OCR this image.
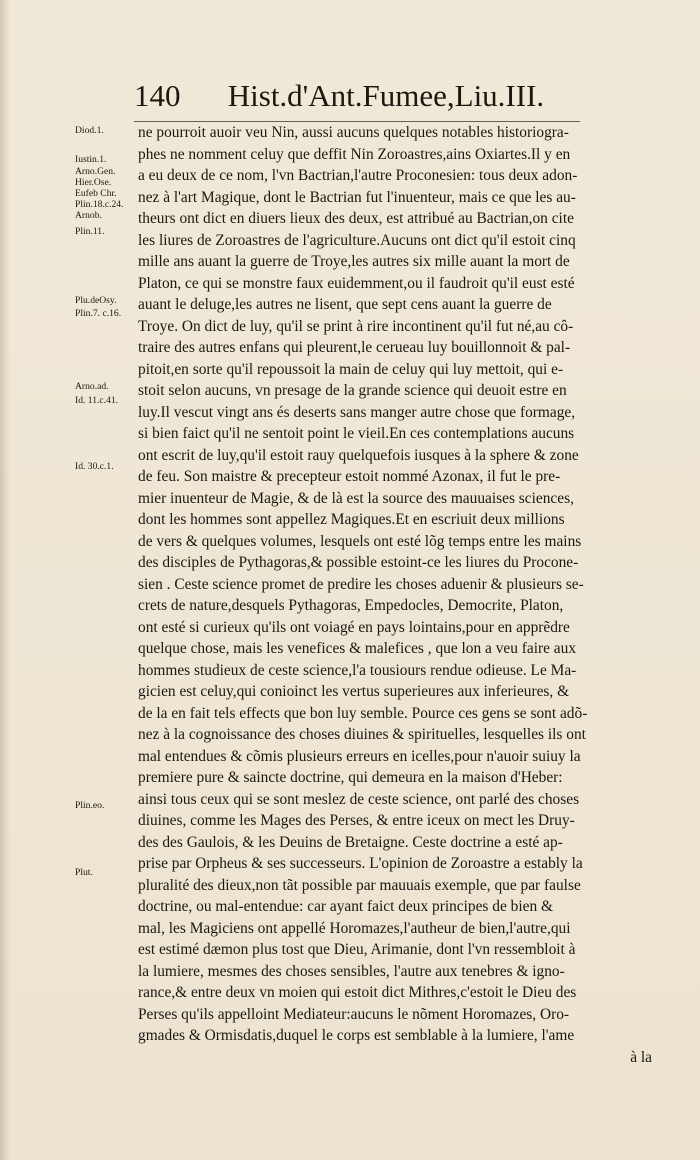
140 Hist.d'Ant.Fumee,Liu.III.
Diod.1.
Iustin.1.
Arno.Gen.
Hier.Ose.
Eufeb Chr.
Plin.18.c.24.
Arnob.
Plin.11.
Plu.deOsy.
Plin.7. c.16.
Arno.ad.
Id. 11.c.41.
Id. 30.c.1.
Plin.eo.
Plut.
ne pourroit auoir veu Nin, aussi aucuns quelques notables historiogra-
phes ne nomment celuy que deffit Nin Zoroastres,ains Oxiartes.Il y en
a eu deux de ce nom, l'vn Bactrian,l'autre Proconesien: tous deux adon-
nez à l'art Magique, dont le Bactrian fut l'inuenteur, mais ce que les au-
theurs ont dict en diuers lieux des deux, est attribué au Bactrian,on cite
les liures de Zoroastres de l'agriculture.Aucuns ont dict qu'il estoit cinq
mille ans auant la guerre de Troye,les autres six mille auant la mort de
Platon, ce qui se monstre faux euidemment,ou il faudroit qu'il eust esté
auant le deluge,les autres ne lisent, que sept cens auant la guerre de
Troye. On dict de luy, qu'il se print à rire incontinent qu'il fut né,au cô-
traire des autres enfans qui pleurent,le cerueau luy bouillonnoit & pal-
pitoit,en sorte qu'il repoussoit la main de celuy qui luy mettoit, qui e-
stoit selon aucuns, vn presage de la grande science qui deuoit estre en
luy.Il vescut vingt ans és deserts sans manger autre chose que formage,
si bien faict qu'il ne sentoit point le vieil.En ces contemplations aucuns
ont escrit de luy,qu'il estoit rauy quelquefois iusques à la sphere & zone
de feu. Son maistre & precepteur estoit nommé Azonax, il fut le pre-
mier inuenteur de Magie, & de là est la source des mauuaises sciences,
dont les hommes sont appellez Magiques.Et en escriuit deux millions
de vers & quelques volumes, lesquels ont esté lõg temps entre les mains
des disciples de Pythagoras,& possible estoint-ce les liures du Procone-
sien . Ceste science promet de predire les choses aduenir & plusieurs se-
crets de nature,desquels Pythagoras, Empedocles, Democrite, Platon,
ont esté si curieux qu'ils ont voiagé en pays lointains,pour en apprẽdre
quelque chose, mais les venefices & malefices , que lon a veu faire aux
hommes studieux de ceste science,l'a tousiours rendue odieuse. Le Ma-
gicien est celuy,qui conioinct les vertus superieures aux inferieures, &
de la en fait tels effects que bon luy semble. Pource ces gens se sont adõ-
nez à la cognoissance des choses diuines & spirituelles, lesquelles ils ont
mal entendues & cõmis plusieurs erreurs en icelles,pour n'auoir suiuy la
premiere pure & saincte doctrine, qui demeura en la maison d'Heber:
ainsi tous ceux qui se sont meslez de ceste science, ont parlé des choses
diuines, comme les Mages des Perses, & entre iceux on mect les Druy-
des des Gaulois, & les Deuins de Bretaigne. Ceste doctrine a esté ap-
prise par Orpheus & ses successeurs. L'opinion de Zoroastre a estably la
pluralité des dieux,non tãt possible par mauuais exemple, que par faulse
doctrine, ou mal-entendue: car ayant faict deux principes de bien &
mal, les Magiciens ont appellé Horomazes,l'autheur de bien,l'autre,qui
est estimé dæmon plus tost que Dieu, Arimanie, dont l'vn ressembloit à
la lumiere, mesmes des choses sensibles, l'autre aux tenebres & igno-
rance,& entre deux vn moien qui estoit dict Mithres,c'estoit le Dieu des
Perses qu'ils appelloint Mediateur:aucuns le nõment Horomazes, Oro-
gmades & Ormisdatis,duquel le corps est semblable à la lumiere, l'ame
à la
